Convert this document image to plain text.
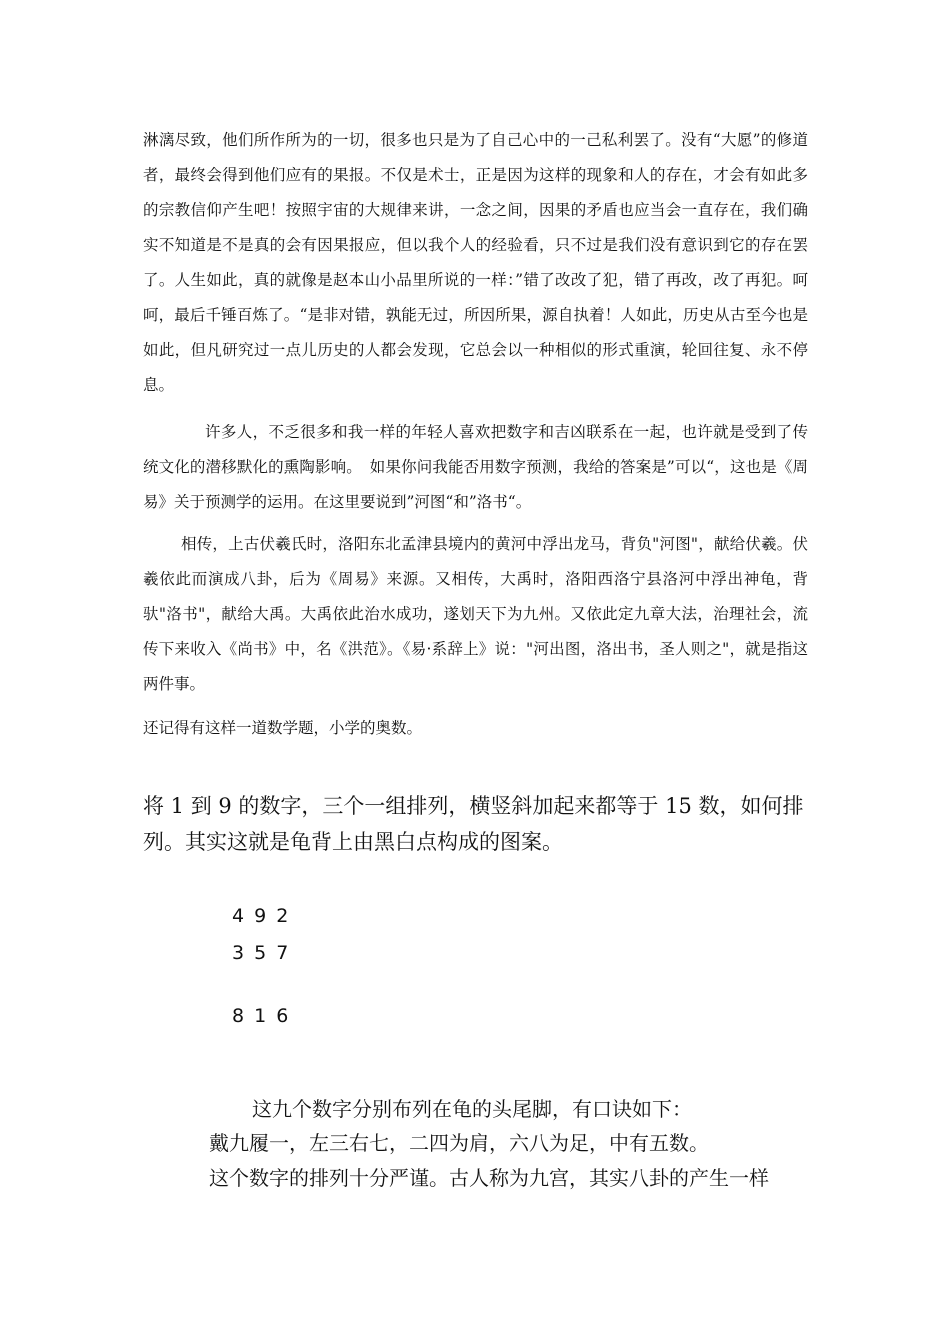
淋漓尽致，他们所作所为的一切，很多也只是为了自己心中的一己私利罢了。没有“大愿”的修道者，最终会得到他们应有的果报。不仅是术士，正是因为这样的现象和人的存在，才会有如此多的宗教信仰产生吧！按照宇宙的大规律来讲，一念之间，因果的矛盾也应当会一直存在，我们确实不知道是不是真的会有因果报应，但以我个人的经验看，只不过是我们没有意识到它的存在罢了。人生如此，真的就像是赵本山小品里所说的一样：”错了改改了犯，错了再改，改了再犯。呵呵，最后千锤百炼了。“是非对错，孰能无过，所因所果，源自执着！人如此，历史从古至今也是如此，但凡研究过一点儿历史的人都会发现，它总会以一种相似的形式重演，轮回往复、永不停息。

许多人，不乏很多和我一样的年轻人喜欢把数字和吉凶联系在一起，也许就是受到了传统文化的潜移默化的熏陶影响。　如果你问我能否用数字预测，我给的答案是”可以“，这也是《周易》关于预测学的运用。在这里要说到”河图“和”洛书“。

相传，上古伏羲氏时，洛阳东北孟津县境内的黄河中浮出龙马，背负"河图"，献给伏羲。伏羲依此而演成八卦，后为《周易》来源。又相传，大禹时，洛阳西洛宁县洛河中浮出神龟，背驮"洛书"，献给大禹。大禹依此治水成功，遂划天下为九州。又依此定九章大法，治理社会，流传下来收入《尚书》中，名《洪范》。《易·系辞上》说："河出图，洛出书，圣人则之"，就是指这两件事。

还记得有这样一道数学题，小学的奥数。

将 1 到 9 的数字，三个一组排列，横竖斜加起来都等于 15 数，如何排列。其实这就是龟背上由黑白点构成的图案。

4 9 2

3 5 7

8 1 6

这九个数字分别布列在龟的头尾脚，有口诀如下：

戴九履一，左三右七，二四为肩，六八为足，中有五数。

这个数字的排列十分严谨。古人称为九宫，其实八卦的产生一样
